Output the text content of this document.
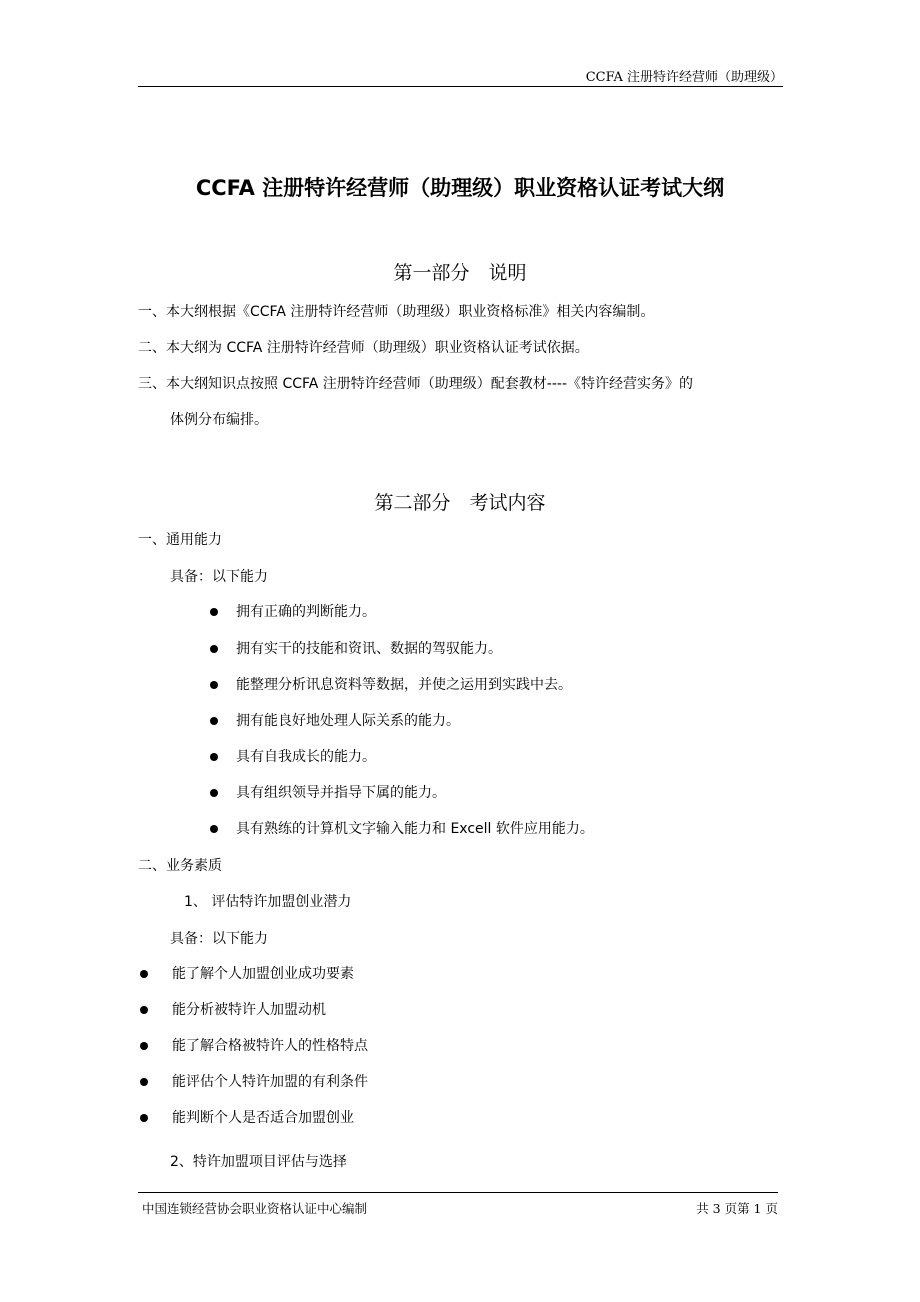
CCFA 注册特许经营师（助理级）
CCFA 注册特许经营师（助理级）职业资格认证考试大纲
第一部分　说明
一、本大纲根据《CCFA 注册特许经营师（助理级）职业资格标准》相关内容编制。
二、本大纲为 CCFA 注册特许经营师（助理级）职业资格认证考试依据。
三、本大纲知识点按照 CCFA 注册特许经营师（助理级）配套教材----《特许经营实务》的
体例分布编排。
第二部分　考试内容
一、通用能力
具备：以下能力
拥有正确的判断能力。
拥有实干的技能和资讯、数据的驾驭能力。
能整理分析讯息资料等数据，并使之运用到实践中去。
拥有能良好地处理人际关系的能力。
具有自我成长的能力。
具有组织领导并指导下属的能力。
具有熟练的计算机文字输入能力和 Excell 软件应用能力。
二、业务素质
1、 评估特许加盟创业潜力
具备：以下能力
能了解个人加盟创业成功要素
能分析被特许人加盟动机
能了解合格被特许人的性格特点
能评估个人特许加盟的有利条件
能判断个人是否适合加盟创业
2、特许加盟项目评估与选择
中国连锁经营协会职业资格认证中心编制	共 3 页第 1 页
